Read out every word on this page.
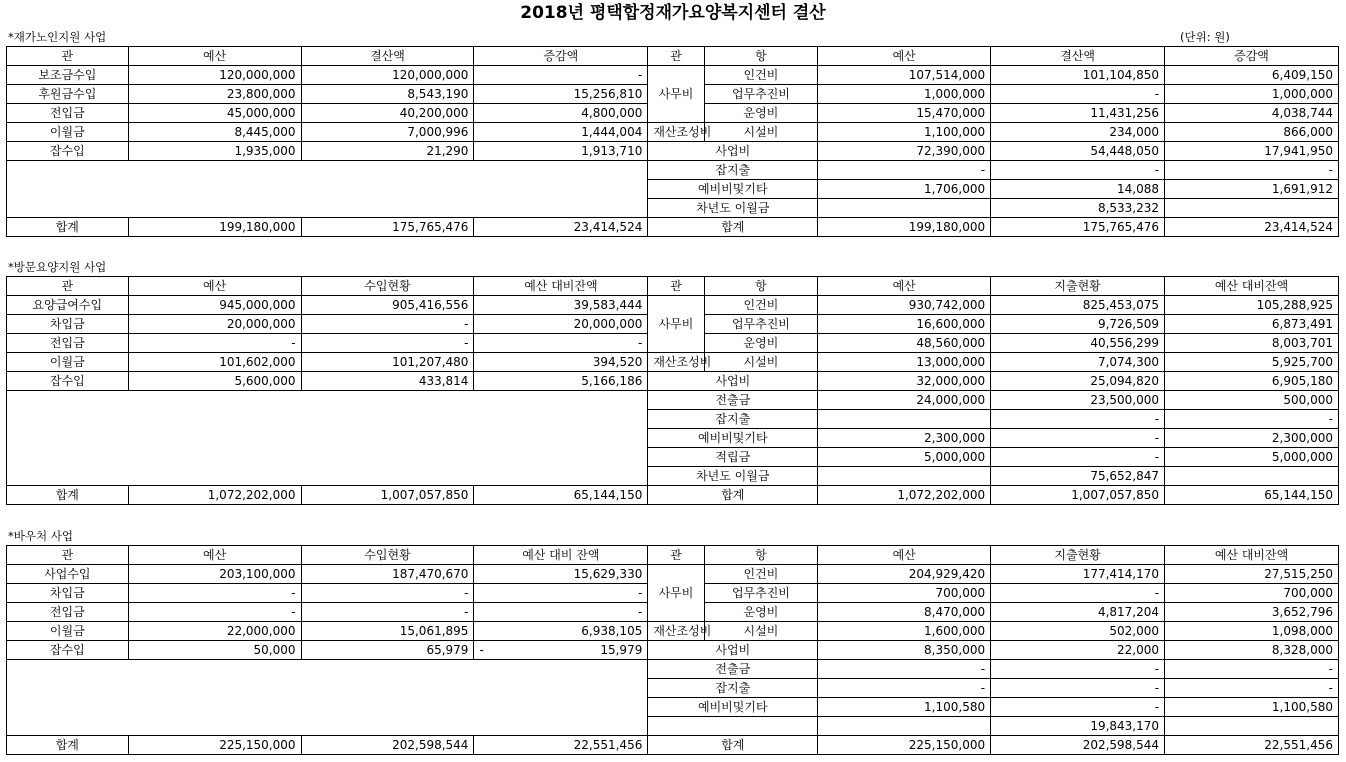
2018년 평택합정재가요양복지센터 결산
*재가노인지원 사업	(단위: 원)
*방문요양지원 사업
*바우처 사업
관	예산	결산액	증감액	관	항	예산	결산액	증감액
보조금수입	120,000,000	120,000,000	-	사무비	인건비	107,514,000	101,104,850	6,409,150
후원금수입	23,800,000	8,543,190	15,256,810		업무추진비	1,000,000	-	1,000,000
전입금	45,000,000	40,200,000	4,800,000		운영비	15,470,000	11,431,256	4,038,744
이월금	8,445,000	7,000,996	1,444,004	재산조성비	시설비	1,100,000	234,000	866,000
잡수입	1,935,000	21,290	1,913,710	사업비		72,390,000	54,448,050	17,941,950
				잡지출		-	-	-
				예비비및기타		1,706,000	14,088	1,691,912
				차년도 이월금			8,533,232	
합계	199,180,000	175,765,476	23,414,524	합계		199,180,000	175,765,476	23,414,524
관	예산	수입현황	예산 대비잔액	관	항	예산	지출현황	예산 대비잔액
요양급여수입	945,000,000	905,416,556	39,583,444	사무비	인건비	930,742,000	825,453,075	105,288,925
차입금	20,000,000	-	20,000,000		업무추진비	16,600,000	9,726,509	6,873,491
전입금	-	-	-		운영비	48,560,000	40,556,299	8,003,701
이월금	101,602,000	101,207,480	394,520	재산조성비	시설비	13,000,000	7,074,300	5,925,700
잡수입	5,600,000	433,814	5,166,186	사업비		32,000,000	25,094,820	6,905,180
				전출금		24,000,000	23,500,000	500,000
				잡지출			-	-
				예비비및기타		2,300,000	-	2,300,000
				적립금		5,000,000	-	5,000,000
				차년도 이월금			75,652,847	
합계	1,072,202,000	1,007,057,850	65,144,150	합계		1,072,202,000	1,007,057,850	65,144,150
관	예산	수입현황	예산 대비 잔액	관	항	예산	지출현황	예산 대비잔액
사업수입	203,100,000	187,470,670	15,629,330	사무비	인건비	204,929,420	177,414,170	27,515,250
차입금	-	-	-		업무추진비	700,000	-	700,000
전입금	-	-	-		운영비	8,470,000	4,817,204	3,652,796
이월금	22,000,000	15,061,895	6,938,105	재산조성비	시설비	1,600,000	502,000	1,098,000
잡수입	50,000	65,979	- 15,979	사업비		8,350,000	22,000	8,328,000
				전출금		-	-	-
				잡지출		-	-	-
				예비비및기타		1,100,580	-	1,100,580
							19,843,170	
합계	225,150,000	202,598,544	22,551,456	합계		225,150,000	202,598,544	22,551,456
